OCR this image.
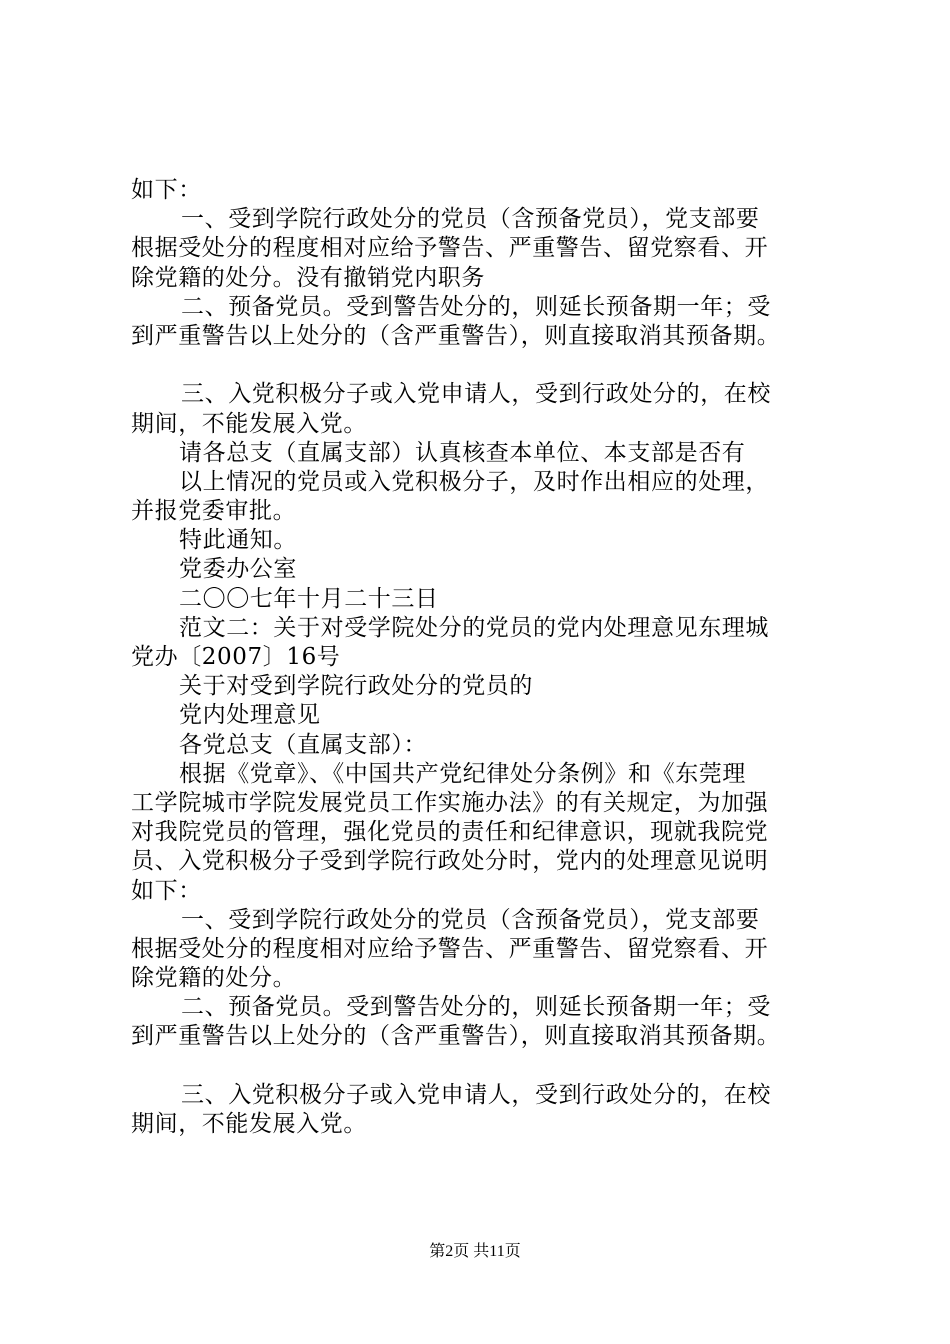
如下：
一、受到学院行政处分的党员（含预备党员），党支部要
根据受处分的程度相对应给予警告、严重警告、留党察看、开
除党籍的处分。没有撤销党内职务
二、预备党员。受到警告处分的，则延长预备期一年；受
到严重警告以上处分的（含严重警告），则直接取消其预备期。
三、入党积极分子或入党申请人，受到行政处分的，在校
期间，不能发展入党。
请各总支（直属支部）认真核查本单位、本支部是否有
以上情况的党员或入党积极分子，及时作出相应的处理，
并报党委审批。
特此通知。
党委办公室
二〇〇七年十月二十三日
范文二：关于对受学院处分的党员的党内处理意见东理城
党办〔2007〕16号
关于对受到学院行政处分的党员的
党内处理意见
各党总支（直属支部）：
根据《党章》、《中国共产党纪律处分条例》和《东莞理
工学院城市学院发展党员工作实施办法》的有关规定，为加强
对我院党员的管理，强化党员的责任和纪律意识，现就我院党
员、入党积极分子受到学院行政处分时，党内的处理意见说明
如下：
一、受到学院行政处分的党员（含预备党员），党支部要
根据受处分的程度相对应给予警告、严重警告、留党察看、开
除党籍的处分。
二、预备党员。受到警告处分的，则延长预备期一年；受
到严重警告以上处分的（含严重警告），则直接取消其预备期。
三、入党积极分子或入党申请人，受到行政处分的，在校
期间，不能发展入党。
第2页 共11页
